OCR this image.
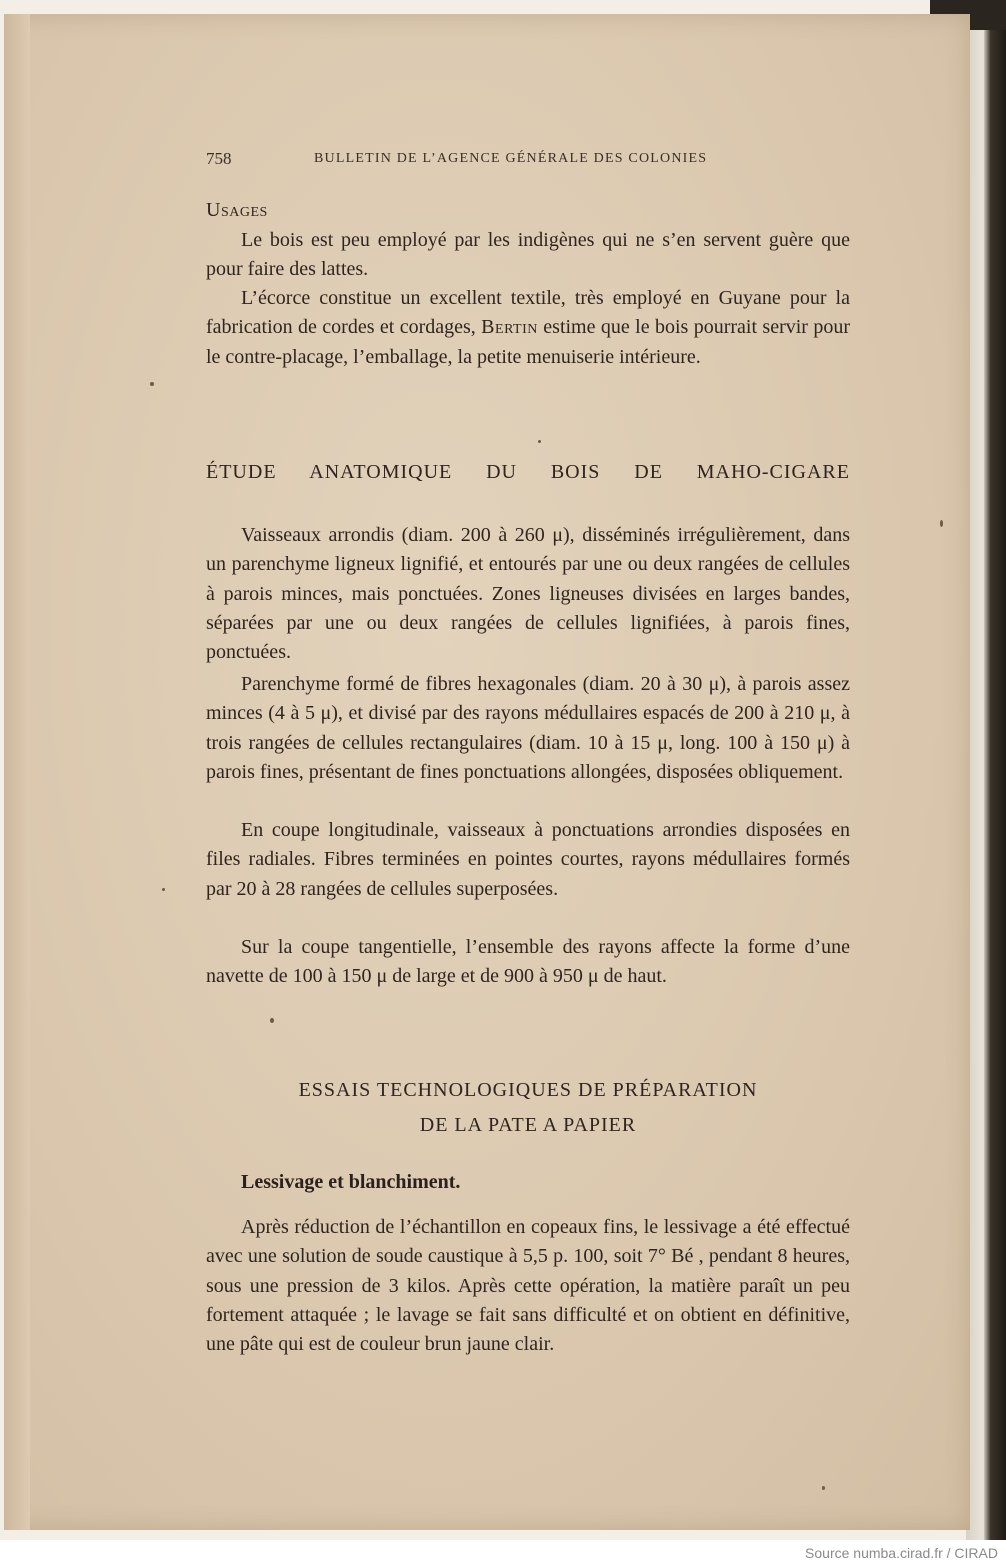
758	BULLETIN DE L’AGENCE GÉNÉRALE DES COLONIES

Usages

Le bois est peu employé par les indigènes qui ne s’en servent guère que pour faire des lattes.

L’écorce constitue un excellent textile, très employé en Guyane pour la fabrication de cordes et cordages, Bertin estime que le bois pourrait servir pour le contre-placage, l’emballage, la petite menuiserie intérieure.

ÉTUDE ANATOMIQUE DU BOIS DE MAHO-CIGARE

Vaisseaux arrondis (diam. 200 à 260 μ), disséminés irrégulièrement, dans un parenchyme ligneux lignifié, et entourés par une ou deux rangées de cellules à parois minces, mais ponctuées. Zones ligneuses divisées en larges bandes, séparées par une ou deux rangées de cellules lignifiées, à parois fines, ponctuées.

Parenchyme formé de fibres hexagonales (diam. 20 à 30 μ), à parois assez minces (4 à 5 μ), et divisé par des rayons médullaires espacés de 200 à 210 μ, à trois rangées de cellules rectangulaires (diam. 10 à 15 μ, long. 100 à 150 μ) à parois fines, présentant de fines ponctuations allongées, disposées obliquement.

En coupe longitudinale, vaisseaux à ponctuations arrondies disposées en files radiales. Fibres terminées en pointes courtes, rayons médullaires formés par 20 à 28 rangées de cellules superposées.

Sur la coupe tangentielle, l’ensemble des rayons affecte la forme d’une navette de 100 à 150 μ de large et de 900 à 950 μ de haut.

ESSAIS TECHNOLOGIQUES DE PRÉPARATION

DE LA PATE A PAPIER

Lessivage et blanchiment.

Après réduction de l’échantillon en copeaux fins, le lessivage a été effectué avec une solution de soude caustique à 5,5 p. 100, soit 7° Bé , pendant 8 heures, sous une pression de 3 kilos. Après cette opération, la matière paraît un peu fortement attaquée ; le lavage se fait sans difficulté et on obtient en définitive, une pâte qui est de couleur brun jaune clair.

Source numba.cirad.fr / CIRAD
